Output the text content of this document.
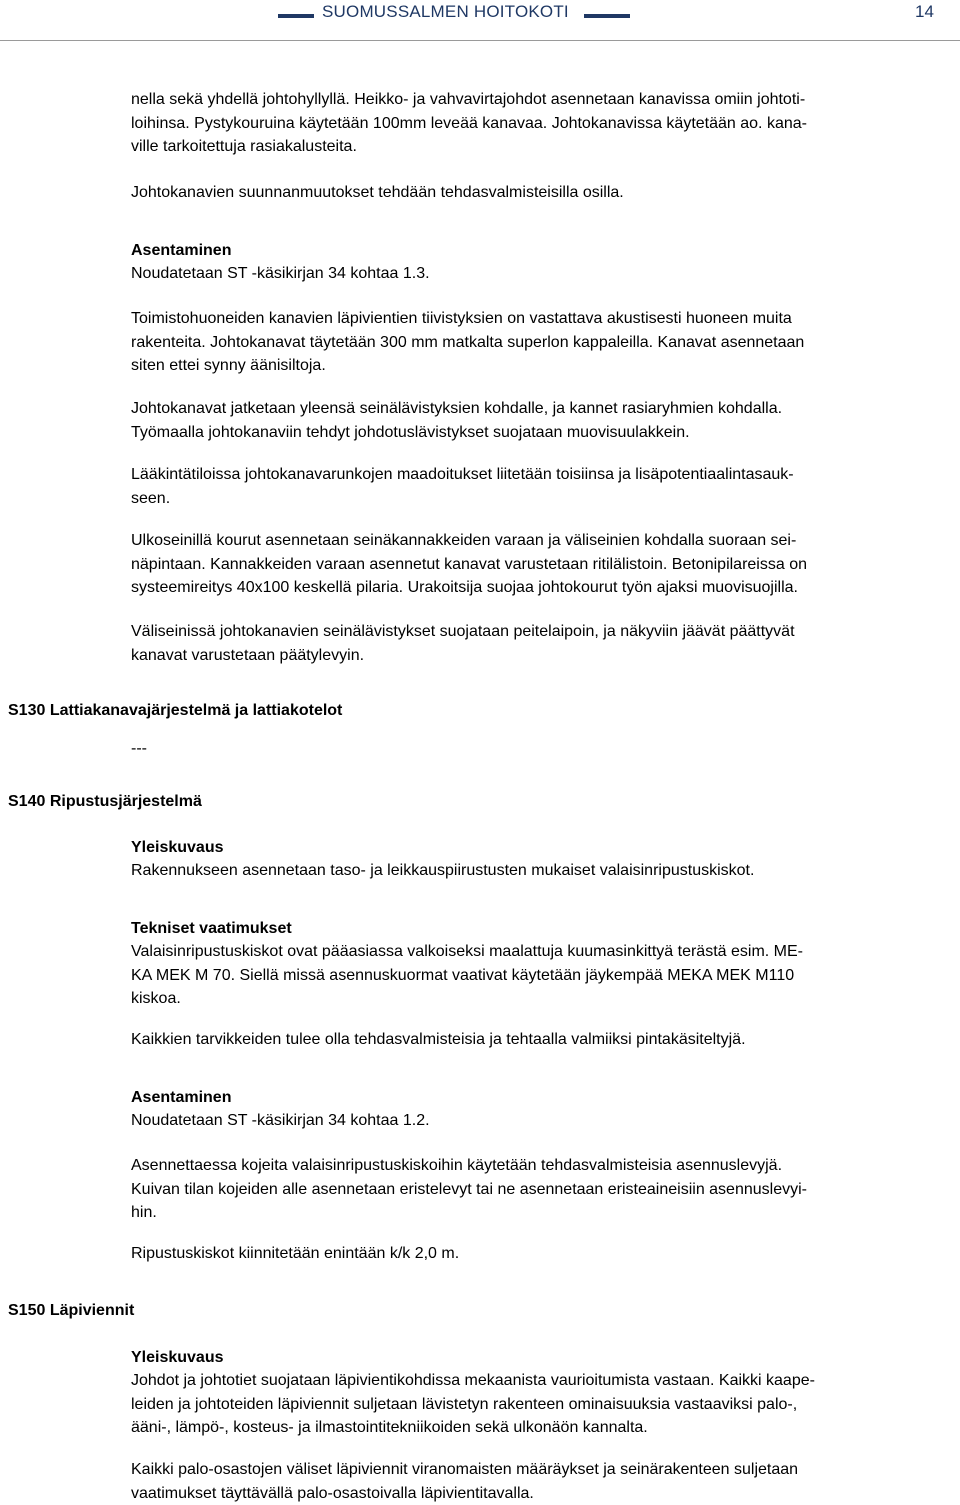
SUOMUSSALMEN HOITOKOTI	14

nella sekä yhdellä johtohyllyllä. Heikko- ja vahvavirtajohdot asennetaan kanavissa omiin johtoti-
loihinsa. Pystykouruina käytetään 100mm leveää kanavaa. Johtokanavissa käytetään ao. kana-
ville tarkoitettuja rasiakalusteita.

Johtokanavien suunnanmuutokset tehdään tehdasvalmisteisilla osilla.

Asentaminen

Noudatetaan ST -käsikirjan 34 kohtaa 1.3.

Toimistohuoneiden kanavien läpivientien tiivistyksien on vastattava akustisesti huoneen muita
rakenteita. Johtokanavat täytetään 300 mm matkalta superlon kappaleilla. Kanavat asennetaan
siten ettei synny äänisiltoja.

Johtokanavat jatketaan yleensä seinälävistyksien kohdalle, ja kannet rasiaryhmien kohdalla.
Työmaalla johtokanaviin tehdyt johdotuslävistykset suojataan muovisuulakkein.

Lääkintätiloissa johtokanavarunkojen maadoitukset liitetään toisiinsa ja lisäpotentiaalintasauk-
seen.

Ulkoseinillä kourut asennetaan seinäkannakkeiden varaan ja väliseinien kohdalla suoraan sei-
näpintaan. Kannakkeiden varaan asennetut kanavat varustetaan ritilälistoin. Betonipilareissa on
systeemireitys 40x100 keskellä pilaria. Urakoitsija suojaa johtokourut työn ajaksi muovisuojilla.

Väliseinissä johtokanavien seinälävistykset suojataan peitelaipoin, ja näkyviin jäävät päättyvät
kanavat varustetaan päätylevyin.

S130 Lattiakanavajärjestelmä ja lattiakotelot

---

S140 Ripustusjärjestelmä

Yleiskuvaus

Rakennukseen asennetaan taso- ja leikkauspiirustusten mukaiset valaisinripustuskiskot.

Tekniset vaatimukset

Valaisinripustuskiskot ovat pääasiassa valkoiseksi maalattuja kuumasinkittyä terästä esim. ME-
KA MEK M 70. Siellä missä asennuskuormat vaativat käytetään jäykempää MEKA MEK M110
kiskoa.

Kaikkien tarvikkeiden tulee olla tehdasvalmisteisia ja tehtaalla valmiiksi pintakäsiteltyjä.

Asentaminen

Noudatetaan ST -käsikirjan 34 kohtaa 1.2.

Asennettaessa kojeita valaisinripustuskiskoihin käytetään tehdasvalmisteisia asennuslevyjä.
Kuivan tilan kojeiden alle asennetaan eristelevyt tai ne asennetaan eristeaineisiin asennuslevyi-
hin.

Ripustuskiskot kiinnitetään enintään k/k 2,0 m.

S150 Läpiviennit

Yleiskuvaus

Johdot ja johtotiet suojataan läpivientikohdissa mekaanista vaurioitumista vastaan. Kaikki kaape-
leiden ja johtoteiden läpiviennit suljetaan lävistetyn rakenteen ominaisuuksia vastaaviksi palo-,
ääni-, lämpö-, kosteus- ja ilmastointitekniikoiden sekä ulkonäön kannalta.

Kaikki palo-osastojen väliset läpiviennit viranomaisten määräykset ja seinärakenteen suljetaan
vaatimukset täyttävällä palo-osastoivalla läpivientitavalla.
